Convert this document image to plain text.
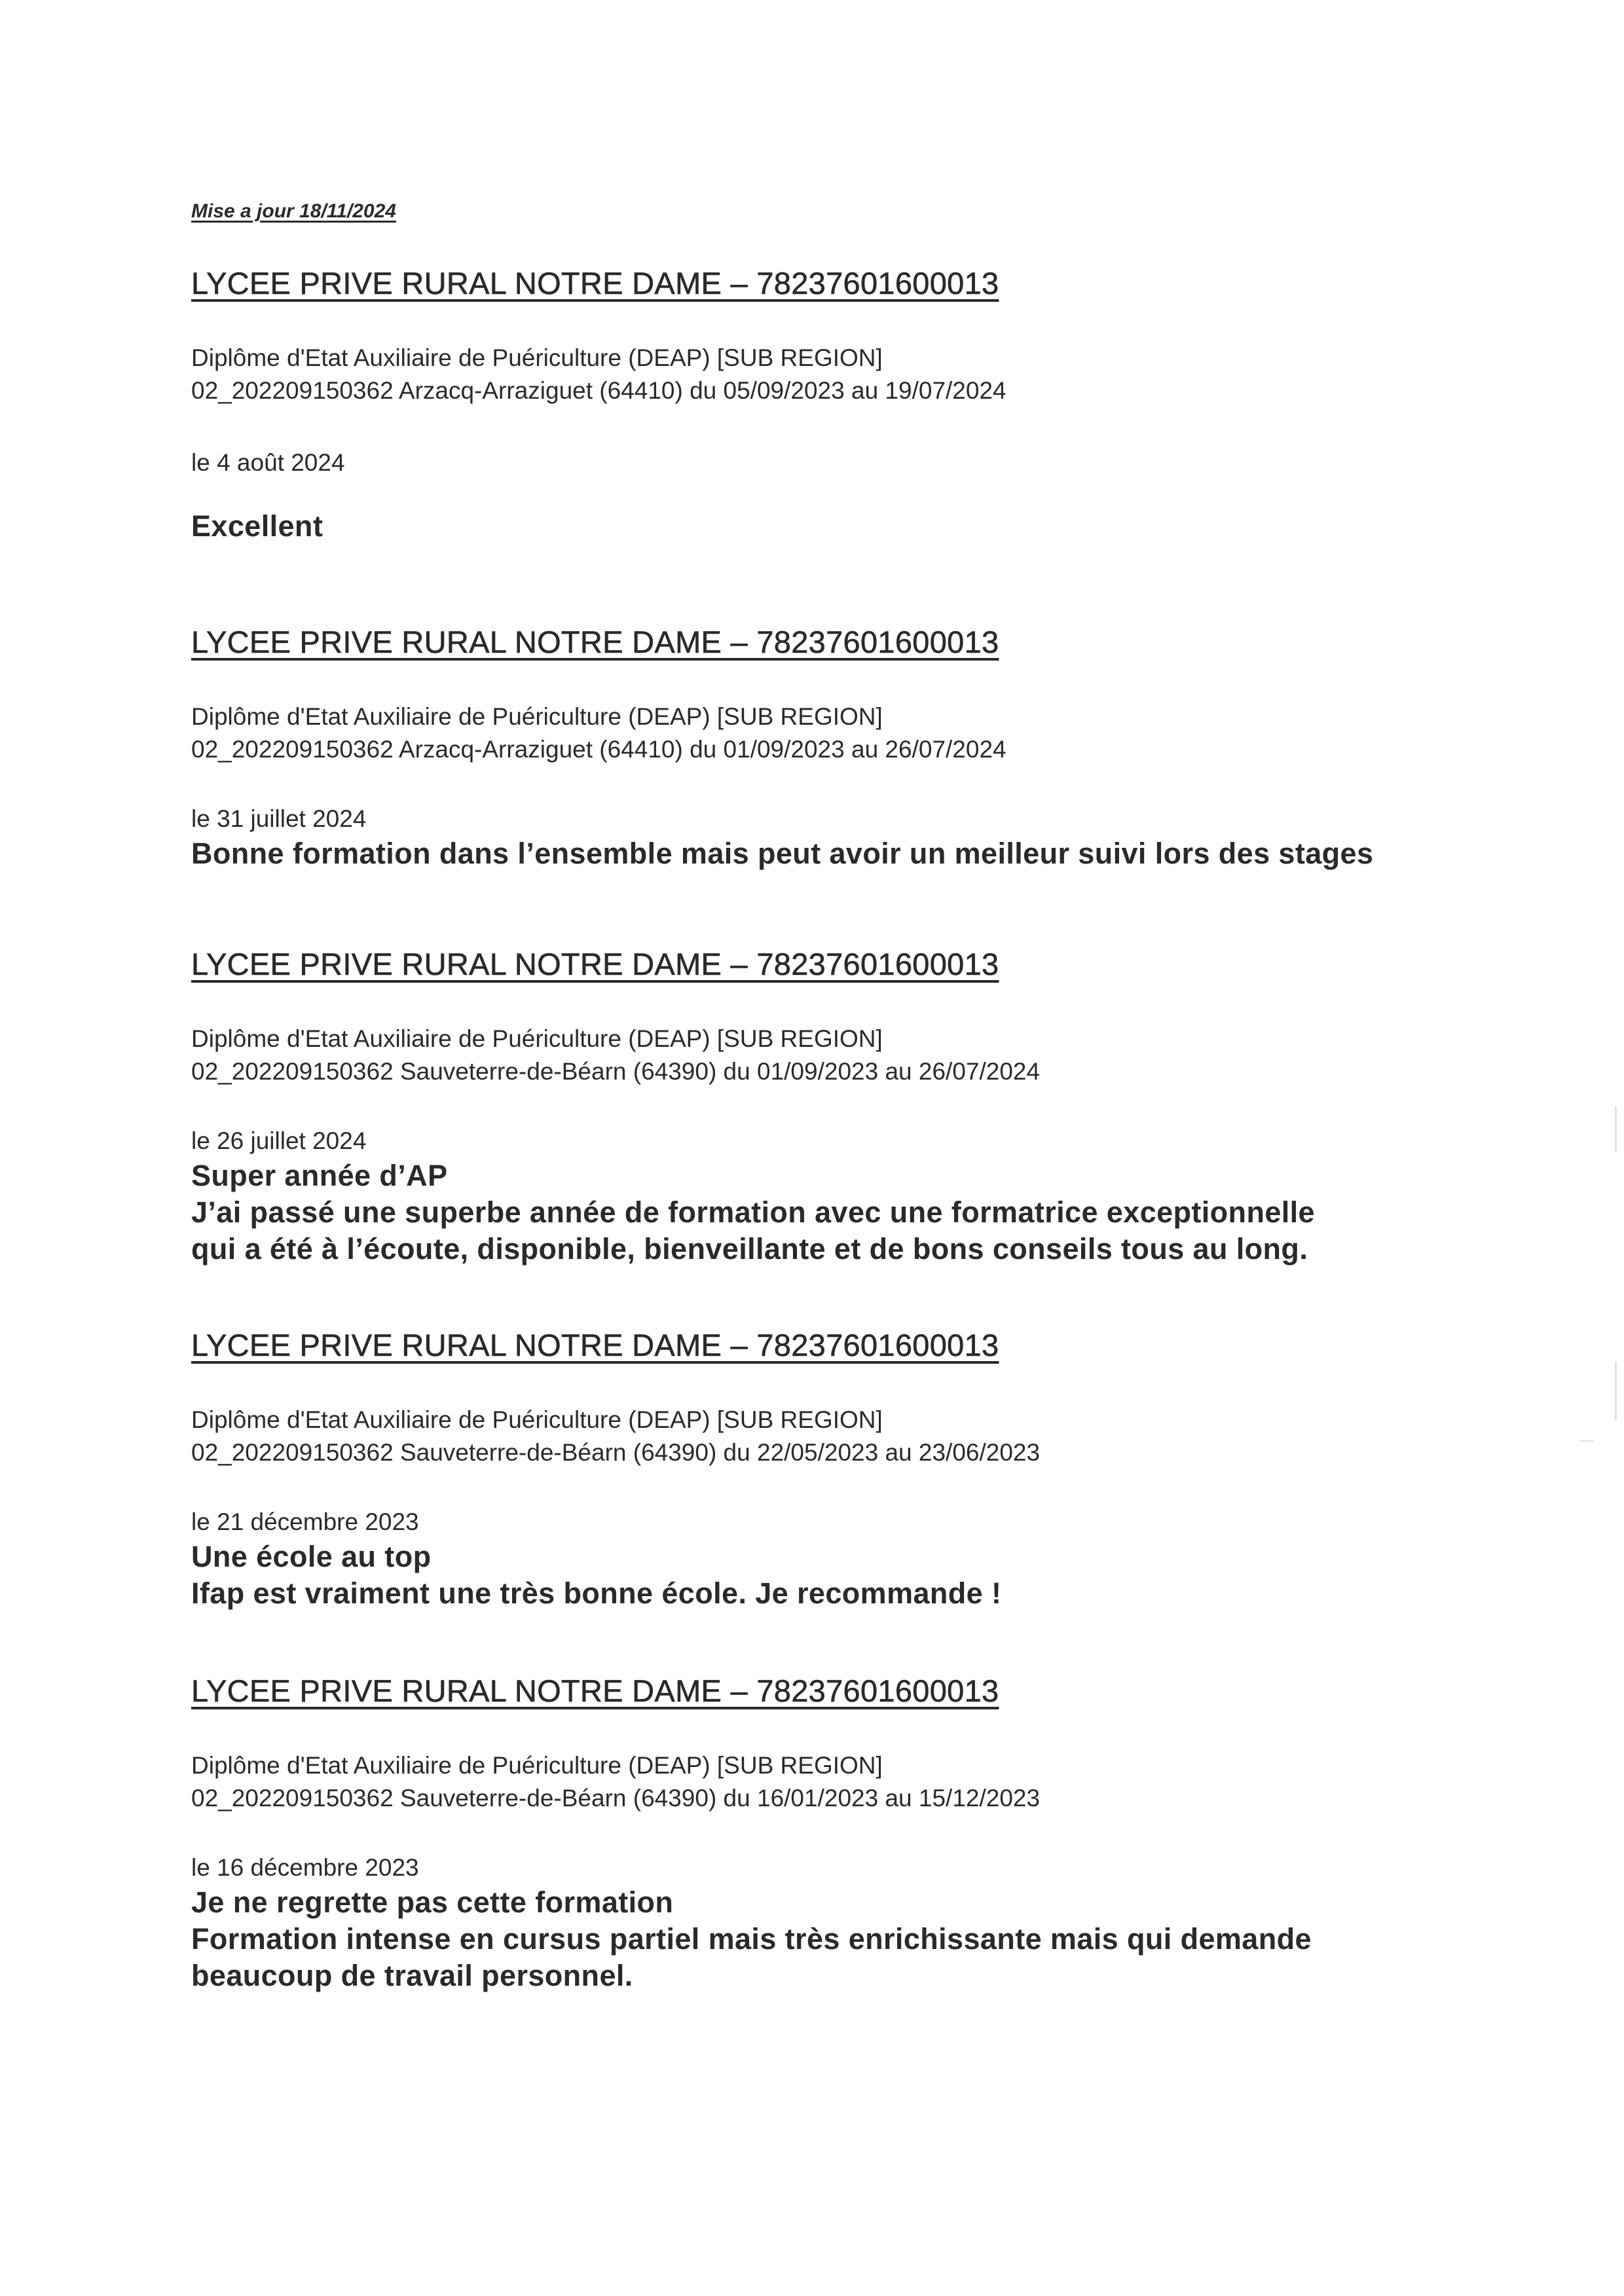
Mise a jour 18/11/2024

LYCEE PRIVE RURAL NOTRE DAME – 78237601600013
Diplôme d'Etat Auxiliaire de Puériculture (DEAP) [SUB REGION]
02_202209150362 Arzacq-Arraziguet (64410) du 05/09/2023 au 19/07/2024
le 4 août 2024
Excellent
LYCEE PRIVE RURAL NOTRE DAME – 78237601600013
Diplôme d'Etat Auxiliaire de Puériculture (DEAP) [SUB REGION]
02_202209150362 Arzacq-Arraziguet (64410) du 01/09/2023 au 26/07/2024
le 31 juillet 2024
Bonne formation dans l’ensemble mais peut avoir un meilleur suivi lors des stages
LYCEE PRIVE RURAL NOTRE DAME – 78237601600013
Diplôme d'Etat Auxiliaire de Puériculture (DEAP) [SUB REGION]
02_202209150362 Sauveterre-de-Béarn (64390) du 01/09/2023 au 26/07/2024
le 26 juillet 2024
Super année d’AP
J’ai passé une superbe année de formation avec une formatrice exceptionnelle
qui a été à l’écoute, disponible, bienveillante et de bons conseils tous au long.
LYCEE PRIVE RURAL NOTRE DAME – 78237601600013
Diplôme d'Etat Auxiliaire de Puériculture (DEAP) [SUB REGION]
02_202209150362 Sauveterre-de-Béarn (64390) du 22/05/2023 au 23/06/2023
le 21 décembre 2023
Une école au top
Ifap est vraiment une très bonne école. Je recommande !
LYCEE PRIVE RURAL NOTRE DAME – 78237601600013
Diplôme d'Etat Auxiliaire de Puériculture (DEAP) [SUB REGION]
02_202209150362 Sauveterre-de-Béarn (64390) du 16/01/2023 au 15/12/2023
le 16 décembre 2023
Je ne regrette pas cette formation
Formation intense en cursus partiel mais très enrichissante mais qui demande
beaucoup de travail personnel.
